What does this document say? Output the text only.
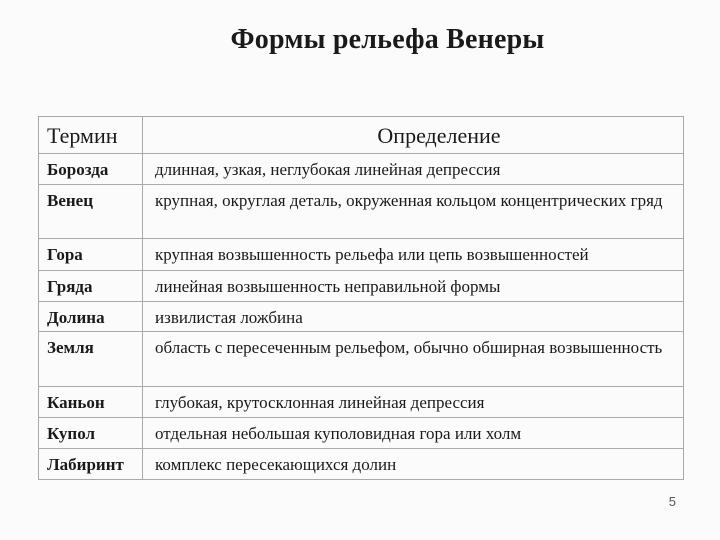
Формы рельефа Венеры
Термин	Определение
Борозда	длинная, узкая, неглубокая линейная депрессия

Венец	крупная, округлая деталь, окруженная кольцом концентрических гряд

Гора	крупная возвышенность рельефа или цепь возвышенностей

Гряда	линейная возвышенность неправильной формы

Долина	извилистая ложбина

Земля	область с пересеченным рельефом, обычно обширная возвышенность

Каньон	глубокая, крутосклонная линейная депрессия

Купол	отдельная небольшая куполовидная гора или холм

Лабиринт	комплекс пересекающихся долин
5
